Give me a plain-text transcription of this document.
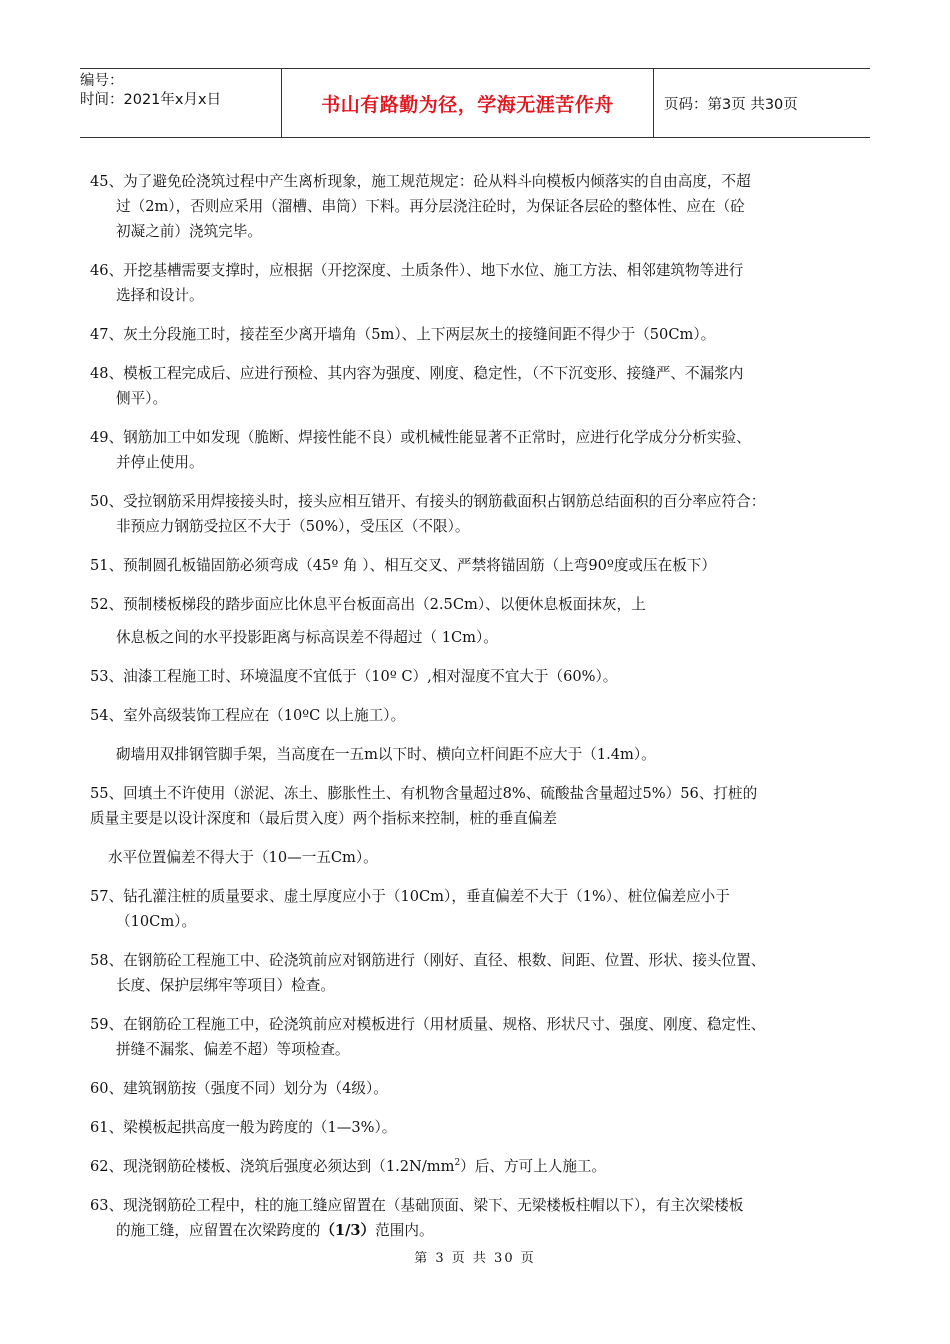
编号：
时间：2021年x月x日	书山有路勤为径，学海无涯苦作舟	页码：第3页 共30页
45、为了避免砼浇筑过程中产生离析现象，施工规范规定：砼从料斗向模板内倾落实的自由高度，不超
过（2m），否则应采用（溜槽、串筒）下料。再分层浇注砼时，为保证各层砼的整体性、应在（砼
初凝之前）浇筑完毕。
46、开挖基槽需要支撑时，应根据（开挖深度、土质条件）、地下水位、施工方法、相邻建筑物等进行
选择和设计。
47、灰土分段施工时，接茬至少离开墙角（5m）、上下两层灰土的接缝间距不得少于（50Cm）。
48、模板工程完成后、应进行预检、其内容为强度、刚度、稳定性，（不下沉变形、接缝严、不漏浆内
侧平）。
49、钢筋加工中如发现（脆断、焊接性能不良）或机械性能显著不正常时，应进行化学成分分析实验、
并停止使用。
50、受拉钢筋采用焊接接头时，接头应相互错开、有接头的钢筋截面积占钢筋总结面积的百分率应符合：
非预应力钢筋受拉区不大于（50%），受压区（不限）。
51、预制圆孔板锚固筋必须弯成（45º 角 ）、相互交叉、严禁将锚固筋（上弯90º度或压在板下）
52、预制楼板梯段的踏步面应比休息平台板面高出（2.5Cm）、以便休息板面抹灰，上
休息板之间的水平投影距离与标高误差不得超过（ 1Cm）。
53、油漆工程施工时、环境温度不宜低于（10º C）,相对湿度不宜大于（60%）。
54、室外高级装饰工程应在（10ºC 以上施工）。
砌墙用双排钢管脚手架，当高度在一五m以下时、横向立杆间距不应大于（1.4m）。
55、回填土不许使用（淤泥、冻土、膨胀性土、有机物含量超过8%、硫酸盐含量超过5%）56、打桩的
质量主要是以设计深度和（最后贯入度）两个指标来控制，桩的垂直偏差
水平位置偏差不得大于（10—一五Cm）。
57、钻孔灌注桩的质量要求、虚土厚度应小于（10Cm），垂直偏差不大于（1%）、桩位偏差应小于
（10Cm）。
58、在钢筋砼工程施工中、砼浇筑前应对钢筋进行（刚好、直径、根数、间距、位置、形状、接头位置、
长度、保护层绑牢等项目）检查。
59、在钢筋砼工程施工中，砼浇筑前应对模板进行（用材质量、规格、形状尺寸、强度、刚度、稳定性、
拼缝不漏浆、偏差不超）等项检查。
60、建筑钢筋按（强度不同）划分为（4级）。
61、梁模板起拱高度一般为跨度的（1—3%）。
62、现浇钢筋砼楼板、浇筑后强度必须达到$(1.2N/mm^2)$后、方可上人施工。
63、现浇钢筋砼工程中，柱的施工缝应留置在（基础顶面、梁下、无梁楼板柱帽以下），有主次梁楼板
的施工缝，应留置在次梁跨度的（1/3）范围内。
第 3 页 共 30 页
